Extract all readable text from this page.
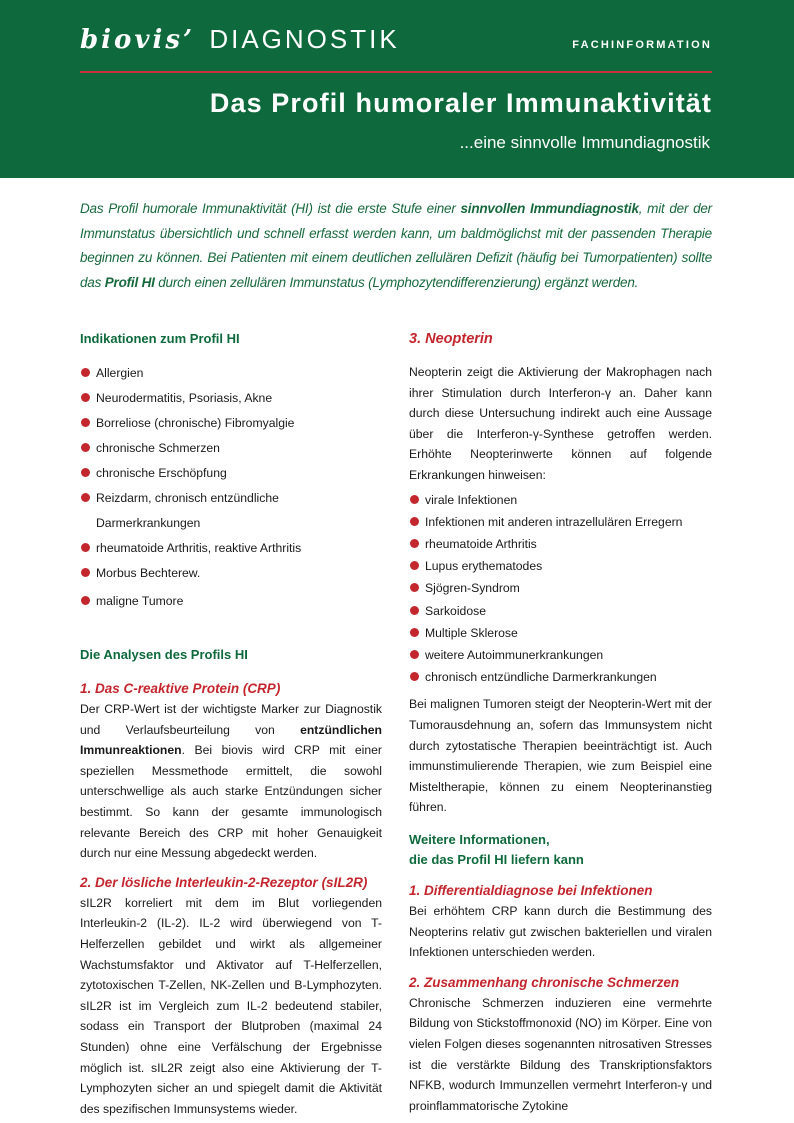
biovis’ DIAGNOSTIK	FACHINFORMATION
Das Profil humoraler Immunaktivität
...eine sinnvolle Immundiagnostik

Das Profil humorale Immunaktivität (HI) ist die erste Stufe einer sinnvollen Immundiagnostik, mit der der Immunstatus übersichtlich und schnell erfasst werden kann, um baldmöglichst mit der passenden Therapie beginnen zu können. Bei Patienten mit einem deutlichen zellulären Defizit (häufig bei Tumorpatienten) sollte das Profil HI durch einen zellulären Immunstatus (Lymphozytendifferenzierung) ergänzt werden.

Indikationen zum Profil HI
Allergien
Neurodermatitis, Psoriasis, Akne
Borreliose (chronische) Fibromyalgie
chronische Schmerzen
chronische Erschöpfung
Reizdarm, chronisch entzündliche Darmerkrankungen
rheumatoide Arthritis, reaktive Arthritis
Morbus Bechterew.
maligne Tumore
Die Analysen des Profils HI
1. Das C-reaktive Protein (CRP)

Der CRP-Wert ist der wichtigste Marker zur Diagnostik und Verlaufsbeurteilung von entzündlichen Immunreaktionen. Bei biovis wird CRP mit einer speziellen Messmethode ermittelt, die sowohl unterschwellige als auch starke Entzündungen sicher bestimmt. So kann der gesamte immunologisch relevante Bereich des CRP mit hoher Genauigkeit durch nur eine Messung abgedeckt werden.

2. Der lösliche Interleukin-2-Rezeptor (sIL2R)

sIL2R korreliert mit dem im Blut vorliegenden Interleukin-2 (IL-2). IL-2 wird überwiegend von T- Helferzellen gebildet und wirkt als allgemeiner Wachstumsfaktor und Aktivator auf T-Helferzellen, zytotoxischen T-Zellen, NK-Zellen und B-Lymphozyten. sIL2R ist im Vergleich zum IL-2 bedeutend stabiler, sodass ein Transport der Blutproben (maximal 24 Stunden) ohne eine Verfälschung der Ergebnisse möglich ist. sIL2R zeigt also eine Aktivierung der T-Lymphozyten sicher an und spiegelt damit die Aktivität des spezifischen Immunsystems wieder.

3. Neopterin

Neopterin zeigt die Aktivierung der Makrophagen nach ihrer Stimulation durch Interferon-γ an. Daher kann durch diese Untersuchung indirekt auch eine Aussage über die Interferon-γ-Synthese getroffen werden. Erhöhte Neopterinwerte können auf folgende Erkrankungen hinweisen:

virale Infektionen
Infektionen mit anderen intrazellulären Erregern
rheumatoide Arthritis
Lupus erythematodes
Sjögren-Syndrom
Sarkoidose
Multiple Sklerose
weitere Autoimmunerkrankungen
chronisch entzündliche Darmerkrankungen

Bei malignen Tumoren steigt der Neopterin-Wert mit der Tumorausdehnung an, sofern das Immunsystem nicht durch zytostatische Therapien beeinträchtigt ist. Auch immunstimulierende Therapien, wie zum Beispiel eine Misteltherapie, können zu einem Neopterinanstieg führen.

Weitere Informationen,
die das Profil HI liefern kann
1. Differentialdiagnose bei Infektionen

Bei erhöhtem CRP kann durch die Bestimmung des Neopterins relativ gut zwischen bakteriellen und viralen Infektionen unterschieden werden.

2. Zusammenhang chronische Schmerzen

Chronische Schmerzen induzieren eine vermehrte Bildung von Stickstoffmonoxid (NO) im Körper. Eine von vielen Folgen dieses sogenannten nitrosativen Stresses ist die verstärkte Bildung des Transkriptionsfaktors NFKB, wodurch Immunzellen vermehrt Interferon-γ und proinflammatorische Zytokine
